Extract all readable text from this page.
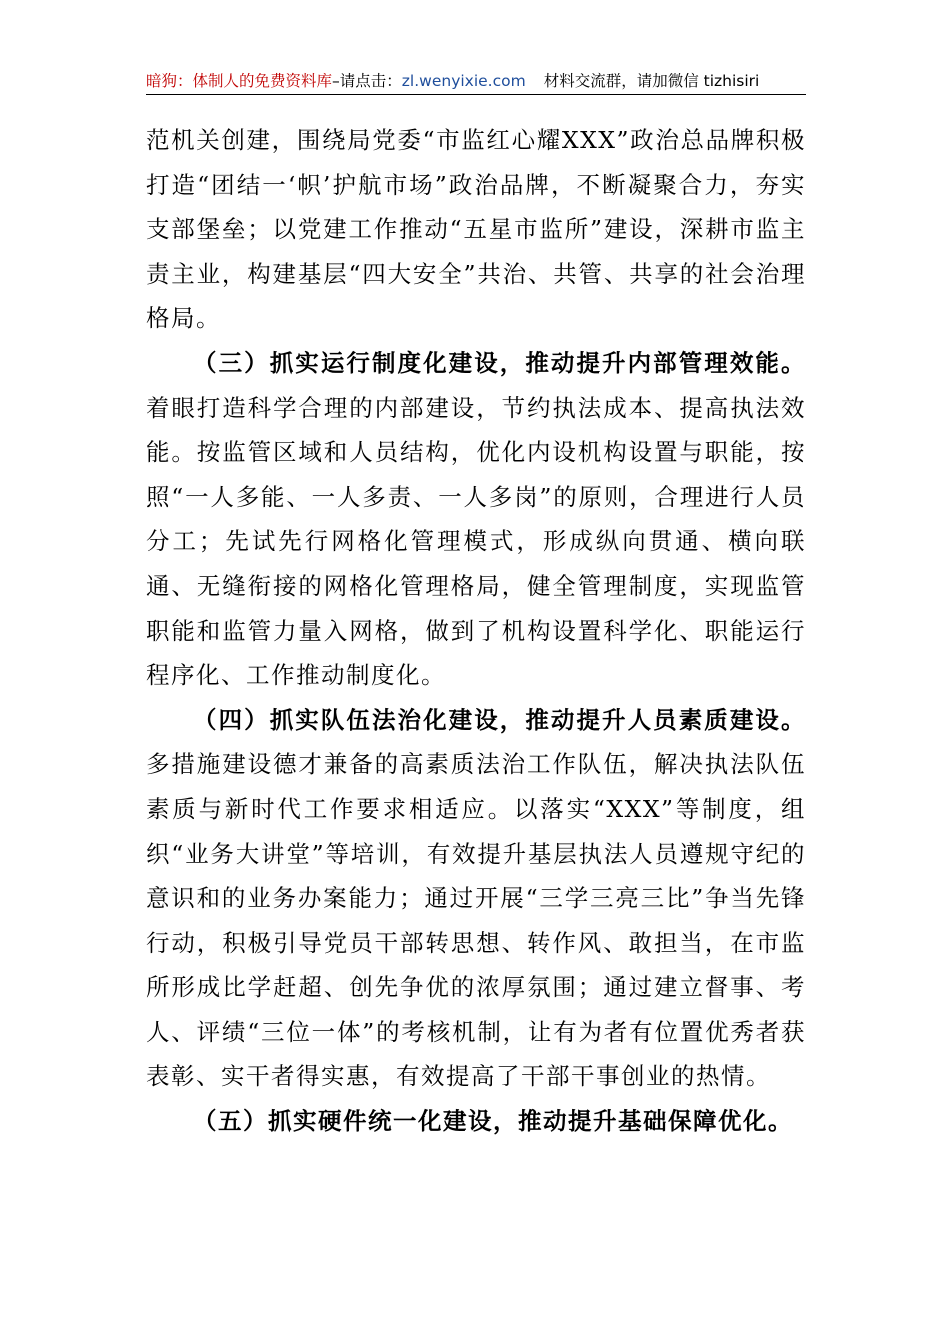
暗狗：体制人的免费资料库–请点击：zl.wenyixie.com 材料交流群，请加微信 tizhisiri

范机关创建，围绕局党委“市监红心耀XXX”政治总品牌积极打造“团结一‘帜’护航市场”政治品牌，不断凝聚合力，夯实支部堡垒；以党建工作推动“五星市监所”建设，深耕市监主责主业，构建基层“四大安全”共治、共管、共享的社会治理格局。

（三）抓实运行制度化建设，推动提升内部管理效能。着眼打造科学合理的内部建设，节约执法成本、提高执法效能。按监管区域和人员结构，优化内设机构设置与职能，按照“一人多能、一人多责、一人多岗”的原则，合理进行人员分工；先试先行网格化管理模式，形成纵向贯通、横向联通、无缝衔接的网格化管理格局，健全管理制度，实现监管职能和监管力量入网格，做到了机构设置科学化、职能运行程序化、工作推动制度化。

（四）抓实队伍法治化建设，推动提升人员素质建设。多措施建设德才兼备的高素质法治工作队伍，解决执法队伍素质与新时代工作要求相适应。以落实“XXX”等制度，组织“业务大讲堂”等培训，有效提升基层执法人员遵规守纪的意识和的业务办案能力；通过开展“三学三亮三比”争当先锋行动，积极引导党员干部转思想、转作风、敢担当，在市监所形成比学赶超、创先争优的浓厚氛围；通过建立督事、考人、评绩“三位一体”的考核机制，让有为者有位置优秀者获表彰、实干者得实惠，有效提高了干部干事创业的热情。

（五）抓实硬件统一化建设，推动提升基础保障优化。
